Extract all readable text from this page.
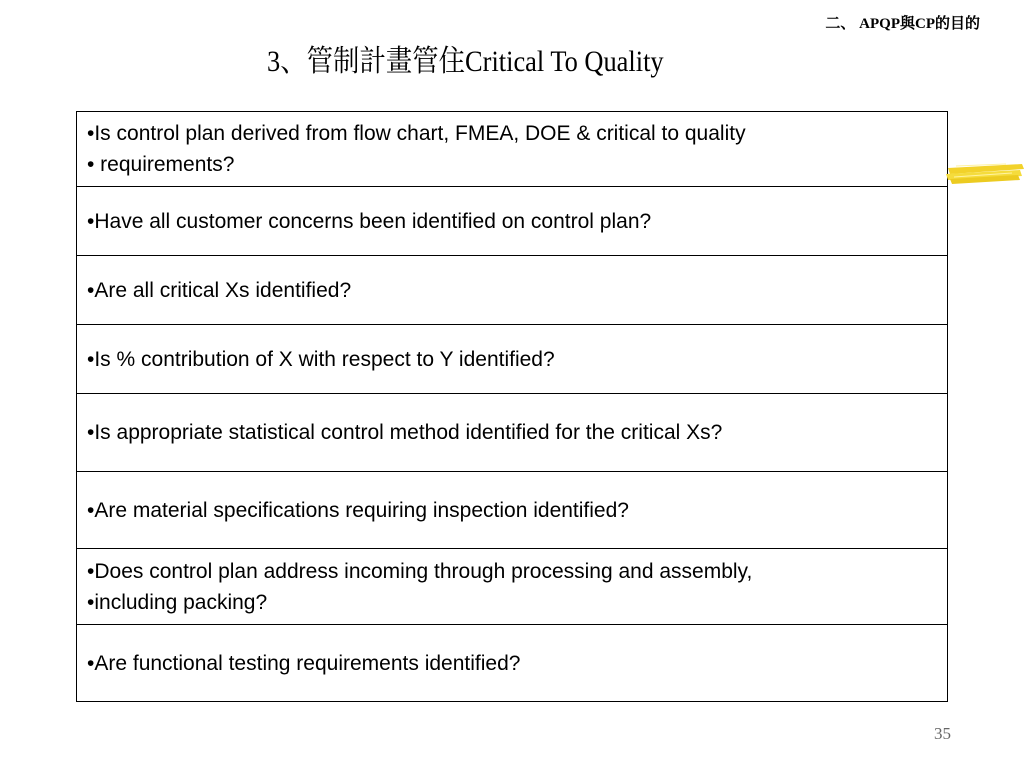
二、 APQP與CP的目的
3、管制計畫管住Critical To Quality
•Is control plan derived from flow chart, FMEA, DOE & critical to quality
• requirements?

•Have all customer concerns been identified on control plan?

•Are all critical Xs identified?

•Is % contribution of X with respect to Y identified?

•Is appropriate statistical control method identified for the critical Xs?

•Are material specifications requiring inspection identified?

•Does control plan address incoming through processing and assembly,
•including packing?

•Are functional testing requirements identified?
35
